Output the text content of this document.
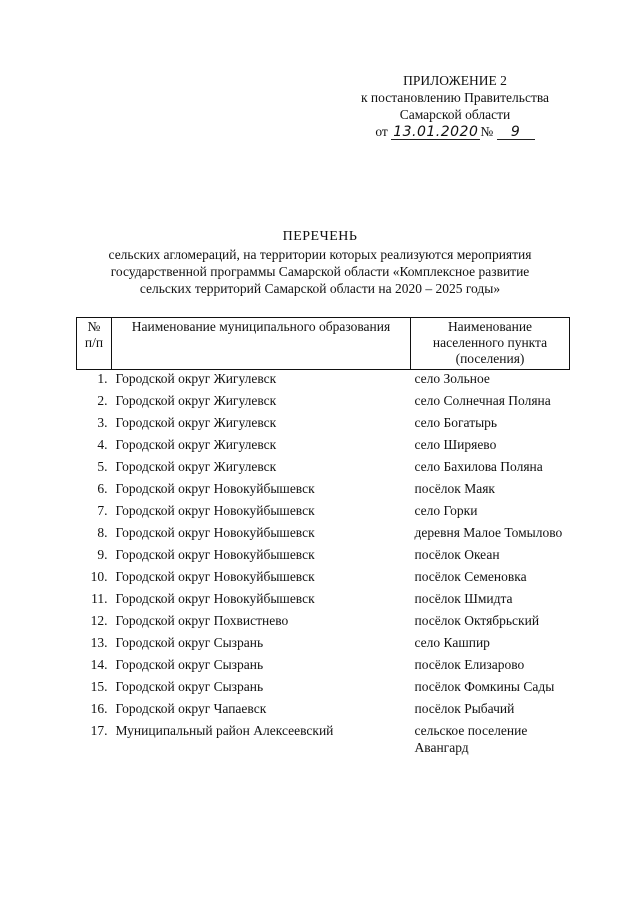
ПРИЛОЖЕНИЕ 2
к постановлению Правительства
Самарской области
от 13.01.2020 № 9
ПЕРЕЧЕНЬ
сельских агломераций, на территории которых реализуются мероприятия
государственной программы Самарской области «Комплексное развитие
сельских территорий Самарской области на 2020 – 2025 годы»
№ п/п	Наименование муниципального образования	Наименование населенного пункта (поселения)
1.	Городской округ Жигулевск	село Зольное
2.	Городской округ Жигулевск	село Солнечная Поляна
3.	Городской округ Жигулевск	село Богатырь
4.	Городской округ Жигулевск	село Ширяево
5.	Городской округ Жигулевск	село Бахилова Поляна
6.	Городской округ Новокуйбышевск	посёлок Маяк
7.	Городской округ Новокуйбышевск	село Горки
8.	Городской округ Новокуйбышевск	деревня Малое Томылово
9.	Городской округ Новокуйбышевск	посёлок Океан
10.	Городской округ Новокуйбышевск	посёлок Семеновка
11.	Городской округ Новокуйбышевск	посёлок Шмидта
12.	Городской округ Похвистнево	посёлок Октябрьский
13.	Городской округ Сызрань	село Кашпир
14.	Городской округ Сызрань	посёлок Елизарово
15.	Городской округ Сызрань	посёлок Фомкины Сады
16.	Городской округ Чапаевск	посёлок Рыбачий
17.	Муниципальный район Алексеевский	сельское поселение Авангард
